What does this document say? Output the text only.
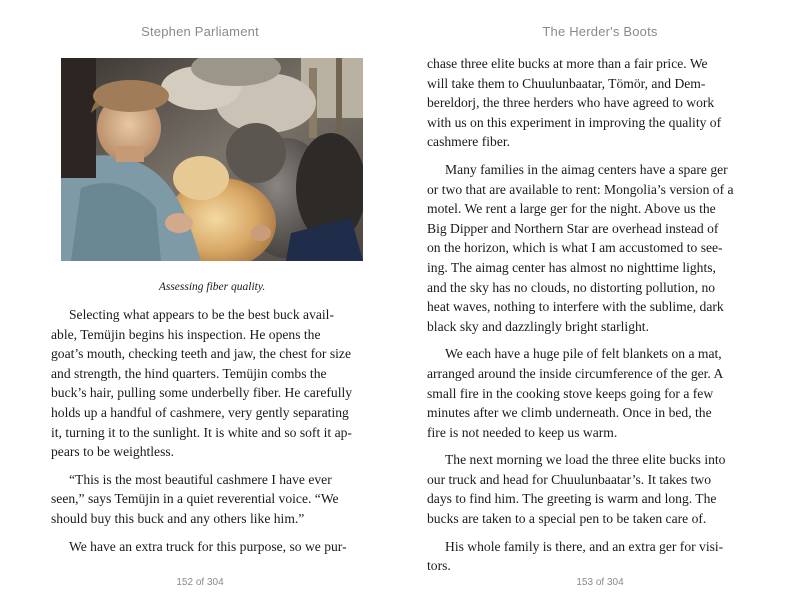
Stephen Parliament
Assessing fiber quality.

Selecting what appears to be the best buck avail-
able, Temüjin begins his inspection. He opens the
goat’s mouth, checking teeth and jaw, the chest for size
and strength, the hind quarters. Temüjin combs the
buck’s hair, pulling some underbelly fiber. He carefully
holds up a handful of cashmere, very gently separating
it, turning it to the sunlight. It is white and so soft it ap-
pears to be weightless.

“This is the most beautiful cashmere I have ever
seen,” says Temüjin in a quiet reverential voice. “We
should buy this buck and any others like him.”

We have an extra truck for this purpose, so we pur-

152 of 304
The Herder's Boots

chase three elite bucks at more than a fair price. We
will take them to Chuulunbaatar, Tömör, and Dem-
bereldorj, the three herders who have agreed to work
with us on this experiment in improving the quality of
cashmere fiber.

Many families in the aimag centers have a spare ger
or two that are available to rent: Mongolia’s version of a
motel. We rent a large ger for the night. Above us the
Big Dipper and Northern Star are overhead instead of
on the horizon, which is what I am accustomed to see-
ing. The aimag center has almost no nighttime lights,
and the sky has no clouds, no distorting pollution, no
heat waves, nothing to interfere with the sublime, dark
black sky and dazzlingly bright starlight.

We each have a huge pile of felt blankets on a mat,
arranged around the inside circumference of the ger. A
small fire in the cooking stove keeps going for a few
minutes after we climb underneath. Once in bed, the
fire is not needed to keep us warm.

The next morning we load the three elite bucks into
our truck and head for Chuulunbaatar’s. It takes two
days to find him. The greeting is warm and long. The
bucks are taken to a special pen to be taken care of.

His whole family is there, and an extra ger for visi-
tors.

153 of 304
